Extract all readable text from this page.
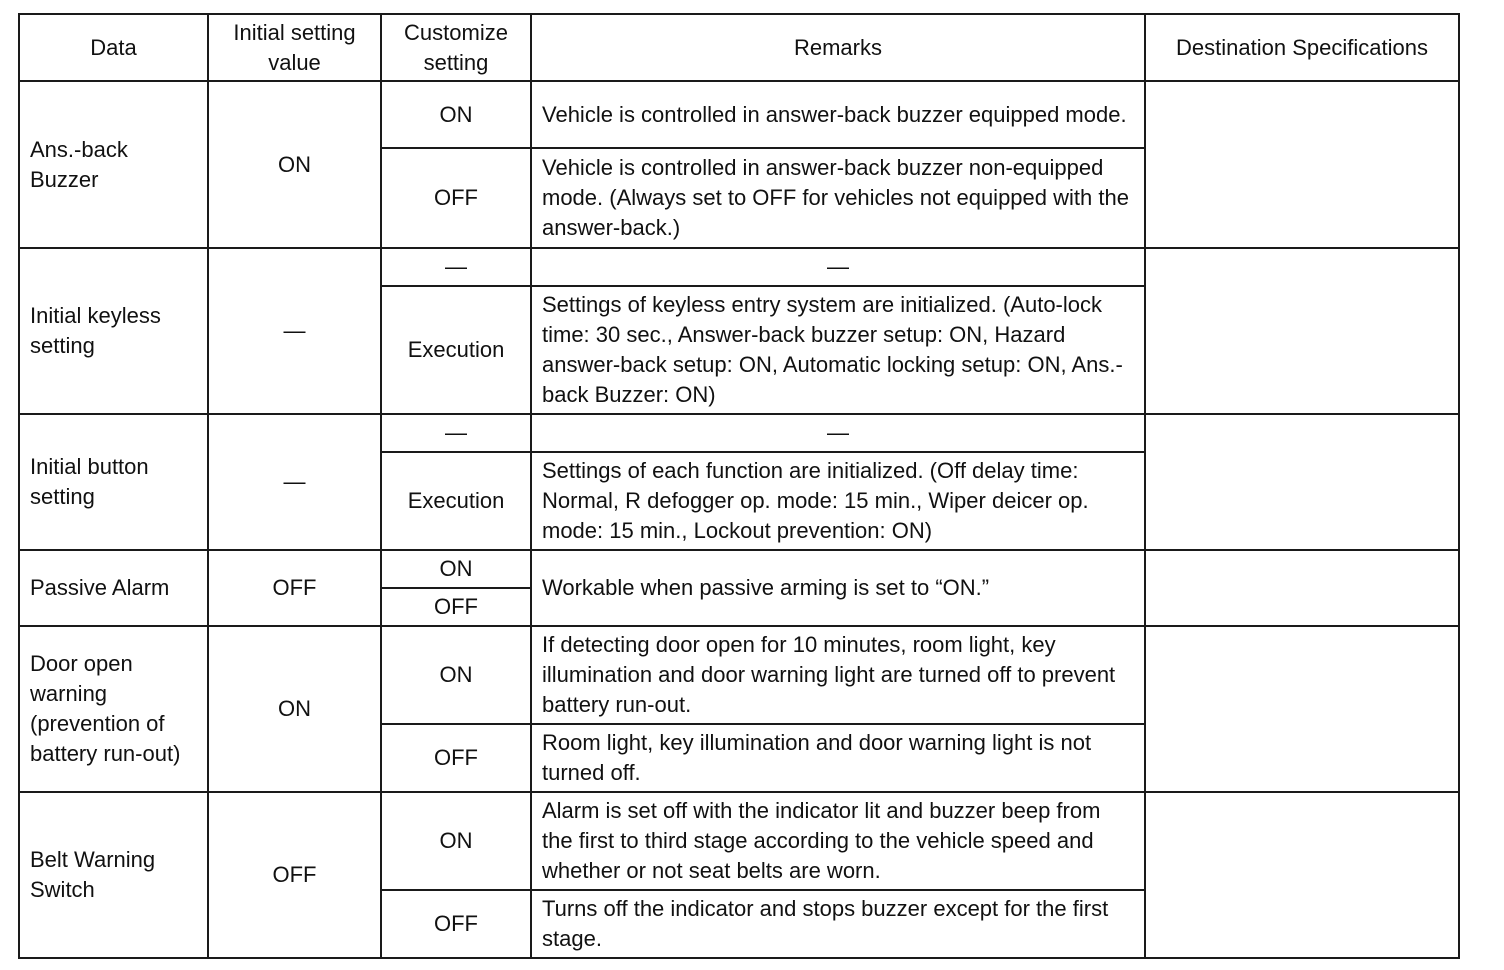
Data	Initial setting value	Customize setting	Remarks	Destination Specifications
Ans.-back Buzzer	ON	ON	Vehicle is controlled in answer-back buzzer equipped mode.	
		OFF	Vehicle is controlled in answer-back buzzer non-equipped mode. (Always set to OFF for vehicles not equipped with the answer-back.)	
Initial keyless setting	—	—	—	
		Execution	Settings of keyless entry system are initialized. (Auto-lock time: 30 sec., Answer-back buzzer setup: ON, Hazard answer-back setup: ON, Automatic locking setup: ON, Ans.-back Buzzer: ON)	
Initial button setting	—	—	—	
		Execution	Settings of each function are initialized. (Off delay time: Normal, R defogger op. mode: 15 min., Wiper deicer op. mode: 15 min., Lockout prevention: ON)	
Passive Alarm	OFF	ON	Workable when passive arming is set to “ON.”	
		OFF		
Door open warning (prevention of battery run-out)	ON	ON	If detecting door open for 10 minutes, room light, key illumination and door warning light are turned off to prevent battery run-out.	
		OFF	Room light, key illumination and door warning light is not turned off.	
Belt Warning Switch	OFF	ON	Alarm is set off with the indicator lit and buzzer beep from the first to third stage according to the vehicle speed and whether or not seat belts are worn.	
		OFF	Turns off the indicator and stops buzzer except for the first stage.	
